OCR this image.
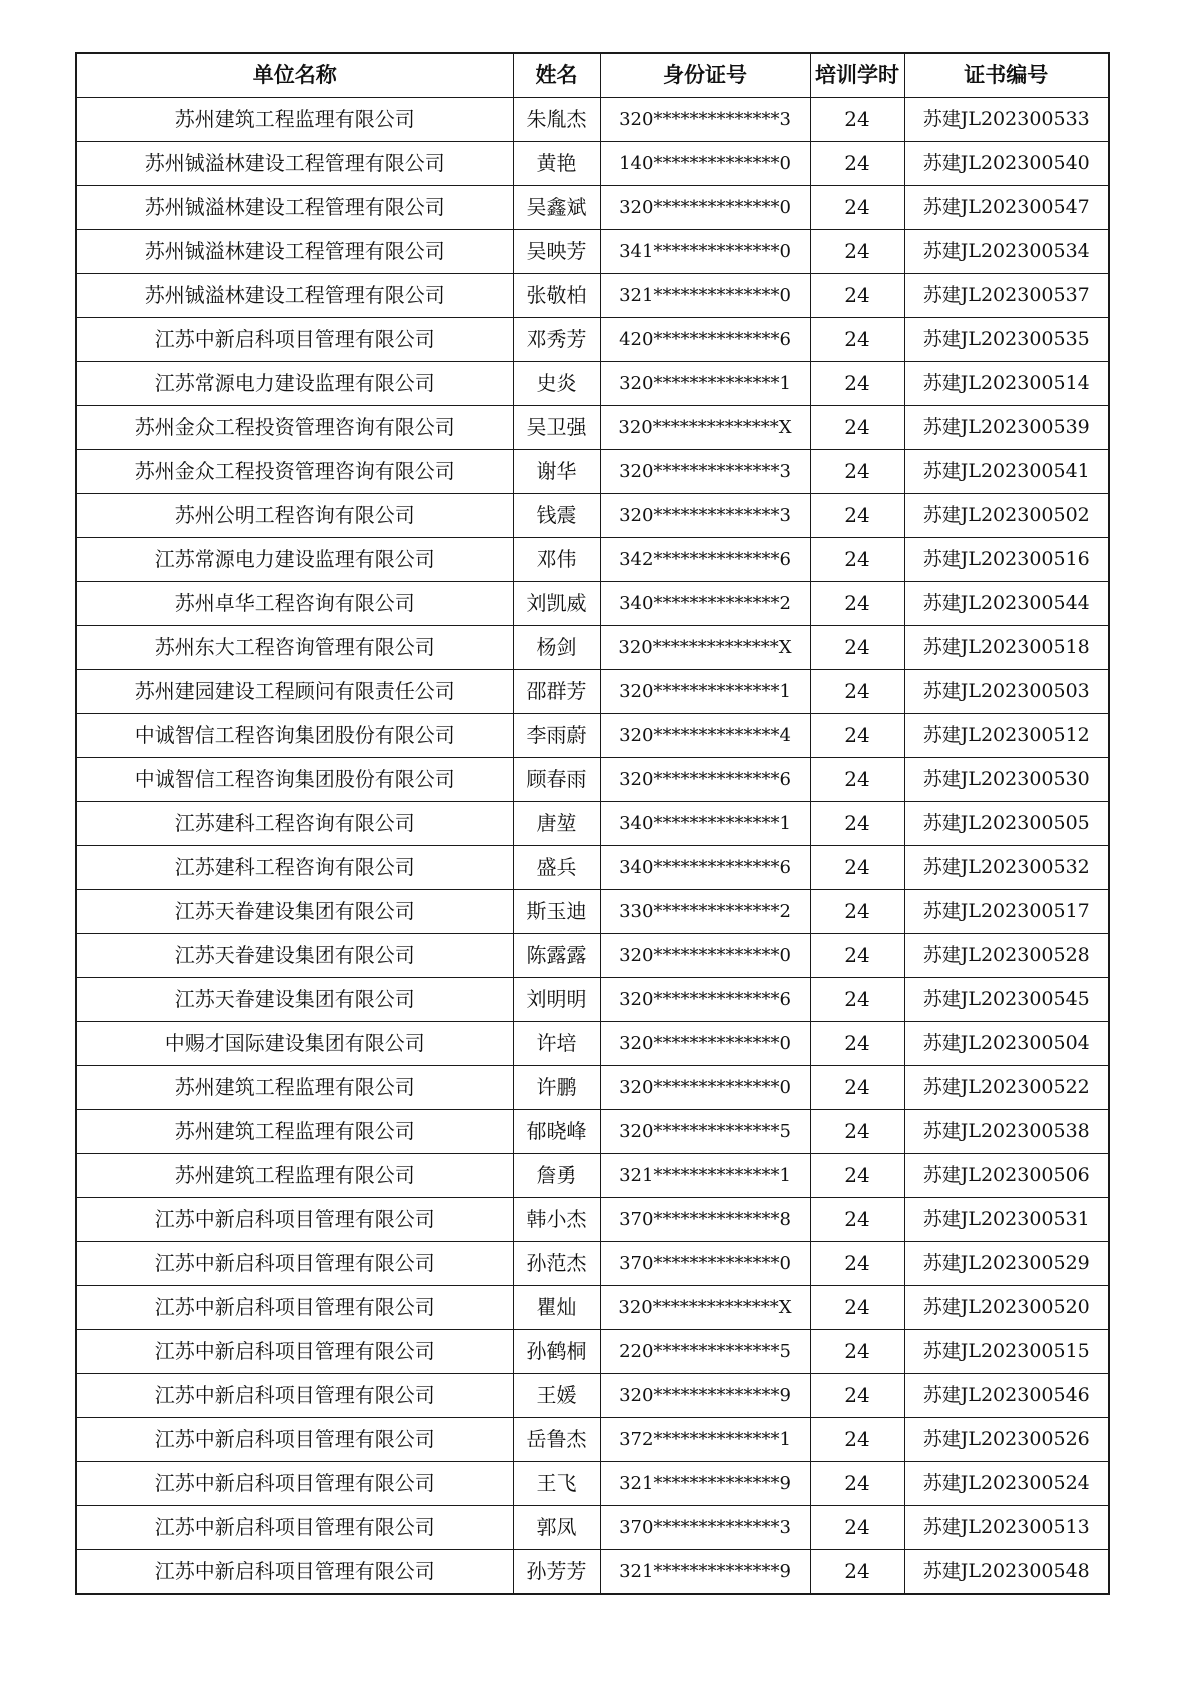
单位名称	姓名	身份证号	培训学时	证书编号
苏州建筑工程监理有限公司	朱胤杰	320**************3	24	苏建JL202300533
苏州铖溢林建设工程管理有限公司	黄艳	140**************0	24	苏建JL202300540
苏州铖溢林建设工程管理有限公司	吴鑫斌	320**************0	24	苏建JL202300547
苏州铖溢林建设工程管理有限公司	吴映芳	341**************0	24	苏建JL202300534
苏州铖溢林建设工程管理有限公司	张敬柏	321**************0	24	苏建JL202300537
江苏中新启科项目管理有限公司	邓秀芳	420**************6	24	苏建JL202300535
江苏常源电力建设监理有限公司	史炎	320**************1	24	苏建JL202300514
苏州金众工程投资管理咨询有限公司	吴卫强	320**************X	24	苏建JL202300539
苏州金众工程投资管理咨询有限公司	谢华	320**************3	24	苏建JL202300541
苏州公明工程咨询有限公司	钱震	320**************3	24	苏建JL202300502
江苏常源电力建设监理有限公司	邓伟	342**************6	24	苏建JL202300516
苏州卓华工程咨询有限公司	刘凯威	340**************2	24	苏建JL202300544
苏州东大工程咨询管理有限公司	杨剑	320**************X	24	苏建JL202300518
苏州建园建设工程顾问有限责任公司	邵群芳	320**************1	24	苏建JL202300503
中诚智信工程咨询集团股份有限公司	李雨蔚	320**************4	24	苏建JL202300512
中诚智信工程咨询集团股份有限公司	顾春雨	320**************6	24	苏建JL202300530
江苏建科工程咨询有限公司	唐堃	340**************1	24	苏建JL202300505
江苏建科工程咨询有限公司	盛兵	340**************6	24	苏建JL202300532
江苏天眷建设集团有限公司	斯玉迪	330**************2	24	苏建JL202300517
江苏天眷建设集团有限公司	陈露露	320**************0	24	苏建JL202300528
江苏天眷建设集团有限公司	刘明明	320**************6	24	苏建JL202300545
中赐才国际建设集团有限公司	许培	320**************0	24	苏建JL202300504
苏州建筑工程监理有限公司	许鹏	320**************0	24	苏建JL202300522
苏州建筑工程监理有限公司	郁晓峰	320**************5	24	苏建JL202300538
苏州建筑工程监理有限公司	詹勇	321**************1	24	苏建JL202300506
江苏中新启科项目管理有限公司	韩小杰	370**************8	24	苏建JL202300531
江苏中新启科项目管理有限公司	孙范杰	370**************0	24	苏建JL202300529
江苏中新启科项目管理有限公司	瞿灿	320**************X	24	苏建JL202300520
江苏中新启科项目管理有限公司	孙鹤桐	220**************5	24	苏建JL202300515
江苏中新启科项目管理有限公司	王媛	320**************9	24	苏建JL202300546
江苏中新启科项目管理有限公司	岳鲁杰	372**************1	24	苏建JL202300526
江苏中新启科项目管理有限公司	王飞	321**************9	24	苏建JL202300524
江苏中新启科项目管理有限公司	郭凤	370**************3	24	苏建JL202300513
江苏中新启科项目管理有限公司	孙芳芳	321**************9	24	苏建JL202300548
